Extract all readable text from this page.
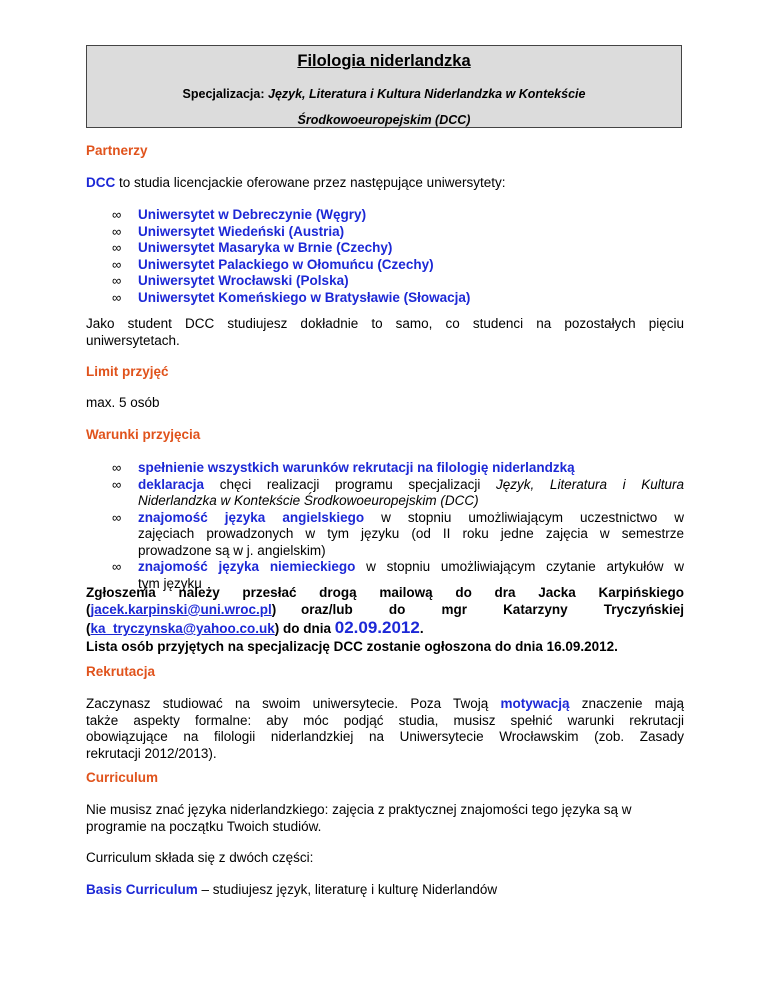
Filologia niderlandzka
Specjalizacja: Język, Literatura i Kultura Niderlandzka w Kontekście
Środkowoeuropejskim (DCC)
Partnerzy

DCC to studia licencjackie oferowane przez następujące uniwersytety:

∞ Uniwersytet w Debreczynie (Węgry)
∞ Uniwersytet Wiedeński (Austria)
∞ Uniwersytet Masaryka w Brnie (Czechy)
∞ Uniwersytet Palackiego w Ołomuńcu (Czechy)
∞ Uniwersytet Wrocławski (Polska)
∞ Uniwersytet Komeńskiego w Bratysławie (Słowacja)

Jako student DCC studiujesz dokładnie to samo, co studenci na pozostałych pięciu

uniwersytetach.

Limit przyjęć

max. 5 osób

Warunki przyjęcia
∞ spełnienie wszystkich warunków rekrutacji na filologię niderlandzką
∞ deklaracja chęci realizacji programu specjalizacji Język, Literatura i Kultura
Niderlandzka w Kontekście Środkowoeuropejskim (DCC)
∞ znajomość języka angielskiego w stopniu umożliwiającym uczestnictwo w
zajęciach prowadzonych w tym języku (od II roku jedne zajęcia w semestrze
prowadzone są w j. angielskim)
∞ znajomość języka niemieckiego w stopniu umożliwiającym czytanie artykułów w
tym języku
Zgłoszenia należy przesłać drogą mailową do dra Jacka Karpińskiego
(jacek.karpinski@uni.wroc.pl)	oraz/lub	do	mgr	Katarzyny	Tryczyńskiej

(ka_tryczynska@yahoo.co.uk) do dnia 02.09.2012.

Lista osób przyjętych na specjalizację DCC zostanie ogłoszona do dnia 16.09.2012.

Rekrutacja

Zaczynasz studiować na swoim uniwersytecie. Poza Twoją motywacją znaczenie mają

także aspekty formalne: aby móc podjąć studia, musisz spełnić warunki rekrutacji

obowiązujące na filologii niderlandzkiej na Uniwersytecie Wrocławskim (zob. Zasady

rekrutacji 2012/2013).

Curriculum

Nie musisz znać języka niderlandzkiego: zajęcia z praktycznej znajomości tego języka są w

programie na początku Twoich studiów.

Curriculum składa się z dwóch części:

Basis Curriculum – studiujesz język, literaturę i kulturę Niderlandów
